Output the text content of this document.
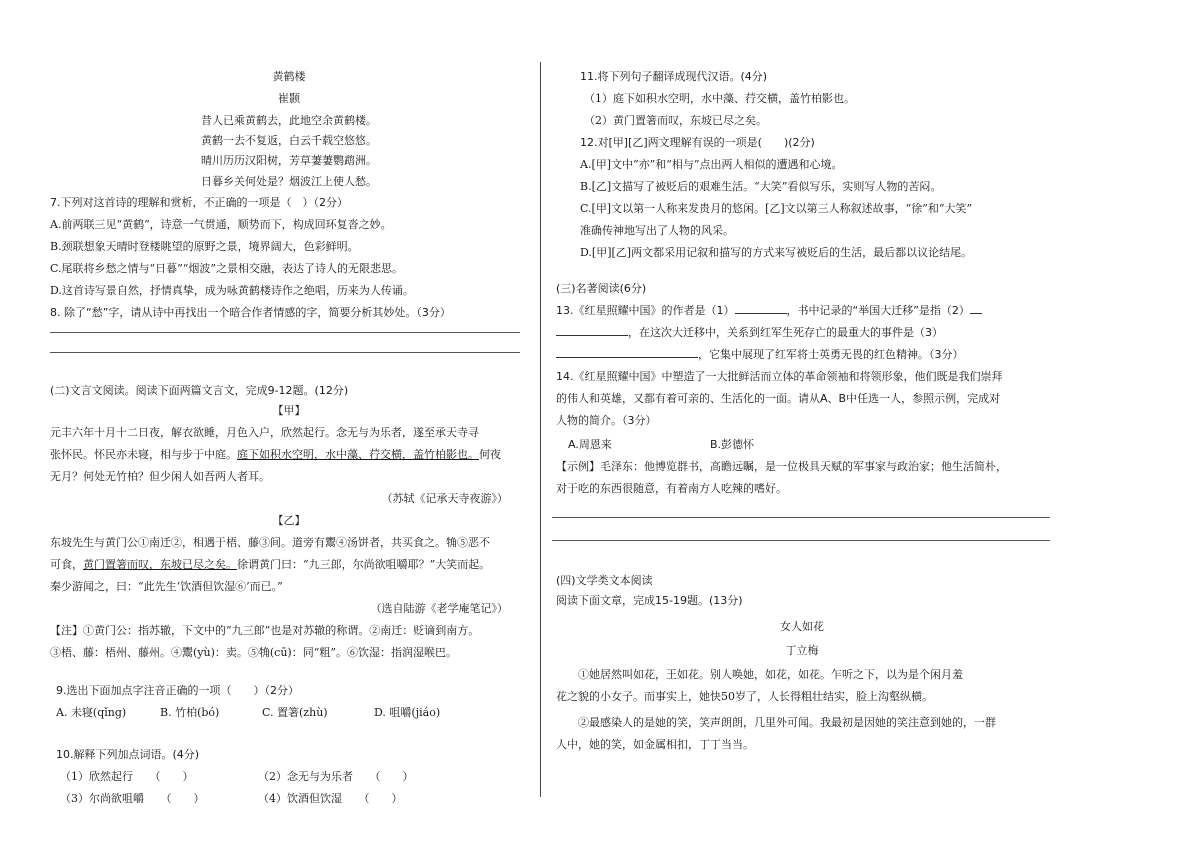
黄鹤楼
崔颢
昔人已乘黄鹤去，此地空余黄鹤楼。
黄鹤一去不复返，白云千载空悠悠。
晴川历历汉阳树，芳草萋萋鹦鹉洲。
日暮乡关何处是？烟波江上使人愁。
7.下列对这首诗的理解和赏析，不正确的一项是（　）（2分）
A.前两联三见“黄鹤”，诗意一气贯通，顺势而下，构成回环复沓之妙。
B.颈联想象天晴时登楼眺望的原野之景，境界阔大，色彩鲜明。
C.尾联将乡愁之情与“日暮”“烟波”之景相交融，表达了诗人的无限悲思。
D.这首诗写景自然，抒情真挚，成为咏黄鹤楼诗作之绝唱，历来为人传诵。
8. 除了“愁”字，请从诗中再找出一个暗合作者情感的字，简要分析其妙处。（3分）
(二)文言文阅读。阅读下面两篇文言文，完成9-12题。(12分)
【甲】
元丰六年十月十二日夜，解衣欲睡，月色入户，欣然起行。念无与为乐者，遂至承天寺寻
张怀民。怀民亦未寝，相与步于中庭。庭下如积水空明，水中藻、荇交横，盖竹柏影也。何夜
无月？何处无竹柏？但少闲人如吾两人者耳。
（苏轼《记承天寺夜游》）
【乙】
东坡先生与黄门公①南迁②，相遇于梧、藤③间。道旁有鬻④汤饼者，共买食之。觕⑤恶不
可食，黄门置箸而叹，东坡已尽之矣。徐谓黄门曰：“九三郎，尔尚欲咀嚼耶？”大笑而起。
秦少游闻之，曰：“此先生‘饮酒但饮湿⑥’而已。”
（选自陆游《老学庵笔记》）
【注】①黄门公：指苏辙，下文中的“九三郎”也是对苏辙的称谓。②南迁：贬谪到南方。
③梧、藤：梧州、藤州。④鬻(yù)：卖。⑤觕(cū)：同“粗”。⑥饮湿：指润湿喉巴。
9.选出下面加点字注音正确的一项（　　）（2分）
A. 未寝(qǐng)	B. 竹柏(bó)	C. 置箸(zhù)	D. 咀嚼(jiáo)
10.解释下列加点词语。(4分)
（1）欣然起行　　（　　）	（2）念无与为乐者　　（　　）
（3）尔尚欲咀嚼　　（　　）	（4）饮酒但饮湿　　（　　）
11.将下列句子翻译成现代汉语。(4分)
（1）庭下如积水空明，水中藻、荇交横，盖竹柏影也。
（2）黄门置箸而叹，东坡已尽之矣。
12.对[甲][乙]两文理解有误的一项是(　　)(2分)
A.[甲]文中“亦”和“相与”点出两人相似的遭遇和心境。
B.[乙]文描写了被贬后的艰难生活。“大笑”看似写乐，实则写人物的苦闷。
C.[甲]文以第一人称来发贵月的悠闲。[乙]文以第三人称叙述故事，“徐”和“大笑”
准确传神地写出了人物的风采。
D.[甲][乙]两文都采用记叙和描写的方式来写被贬后的生活，最后都以议论结尾。
(三)名著阅读(6分)
13.《红星照耀中国》的作者是（1）	，书中记录的“举国大迁移”是指（2）
，在这次大迁移中，关系到红军生死存亡的最重大的事件是（3）
，它集中展现了红军将士英勇无畏的红色精神。（3分）
14.《红星照耀中国》中塑造了一大批鲜活而立体的革命领袖和将领形象，他们既是我们崇拜
的伟人和英雄，又都有着可亲的、生活化的一面。请从A、B中任选一人，参照示例，完成对
人物的简介。（3分）
A.周恩来	B.彭德怀
【示例】毛泽东：他博览群书，高瞻远瞩，是一位极具天赋的军事家与政治家；他生活简朴，
对于吃的东西很随意，有着南方人吃辣的嗜好。
(四)文学类文本阅读
阅读下面文章，完成15-19题。(13分)
女人如花
丁立梅
①她居然叫如花，王如花。别人唤她，如花，如花。乍听之下，以为是个闲月羞
花之貌的小女子。而事实上，她快50岁了，人长得粗壮结实，脸上沟壑纵横。
②最感染人的是她的笑，笑声朗朗，几里外可闻。我最初是因她的笑注意到她的，一群
人中，她的笑，如金属相扣，丁丁当当。
